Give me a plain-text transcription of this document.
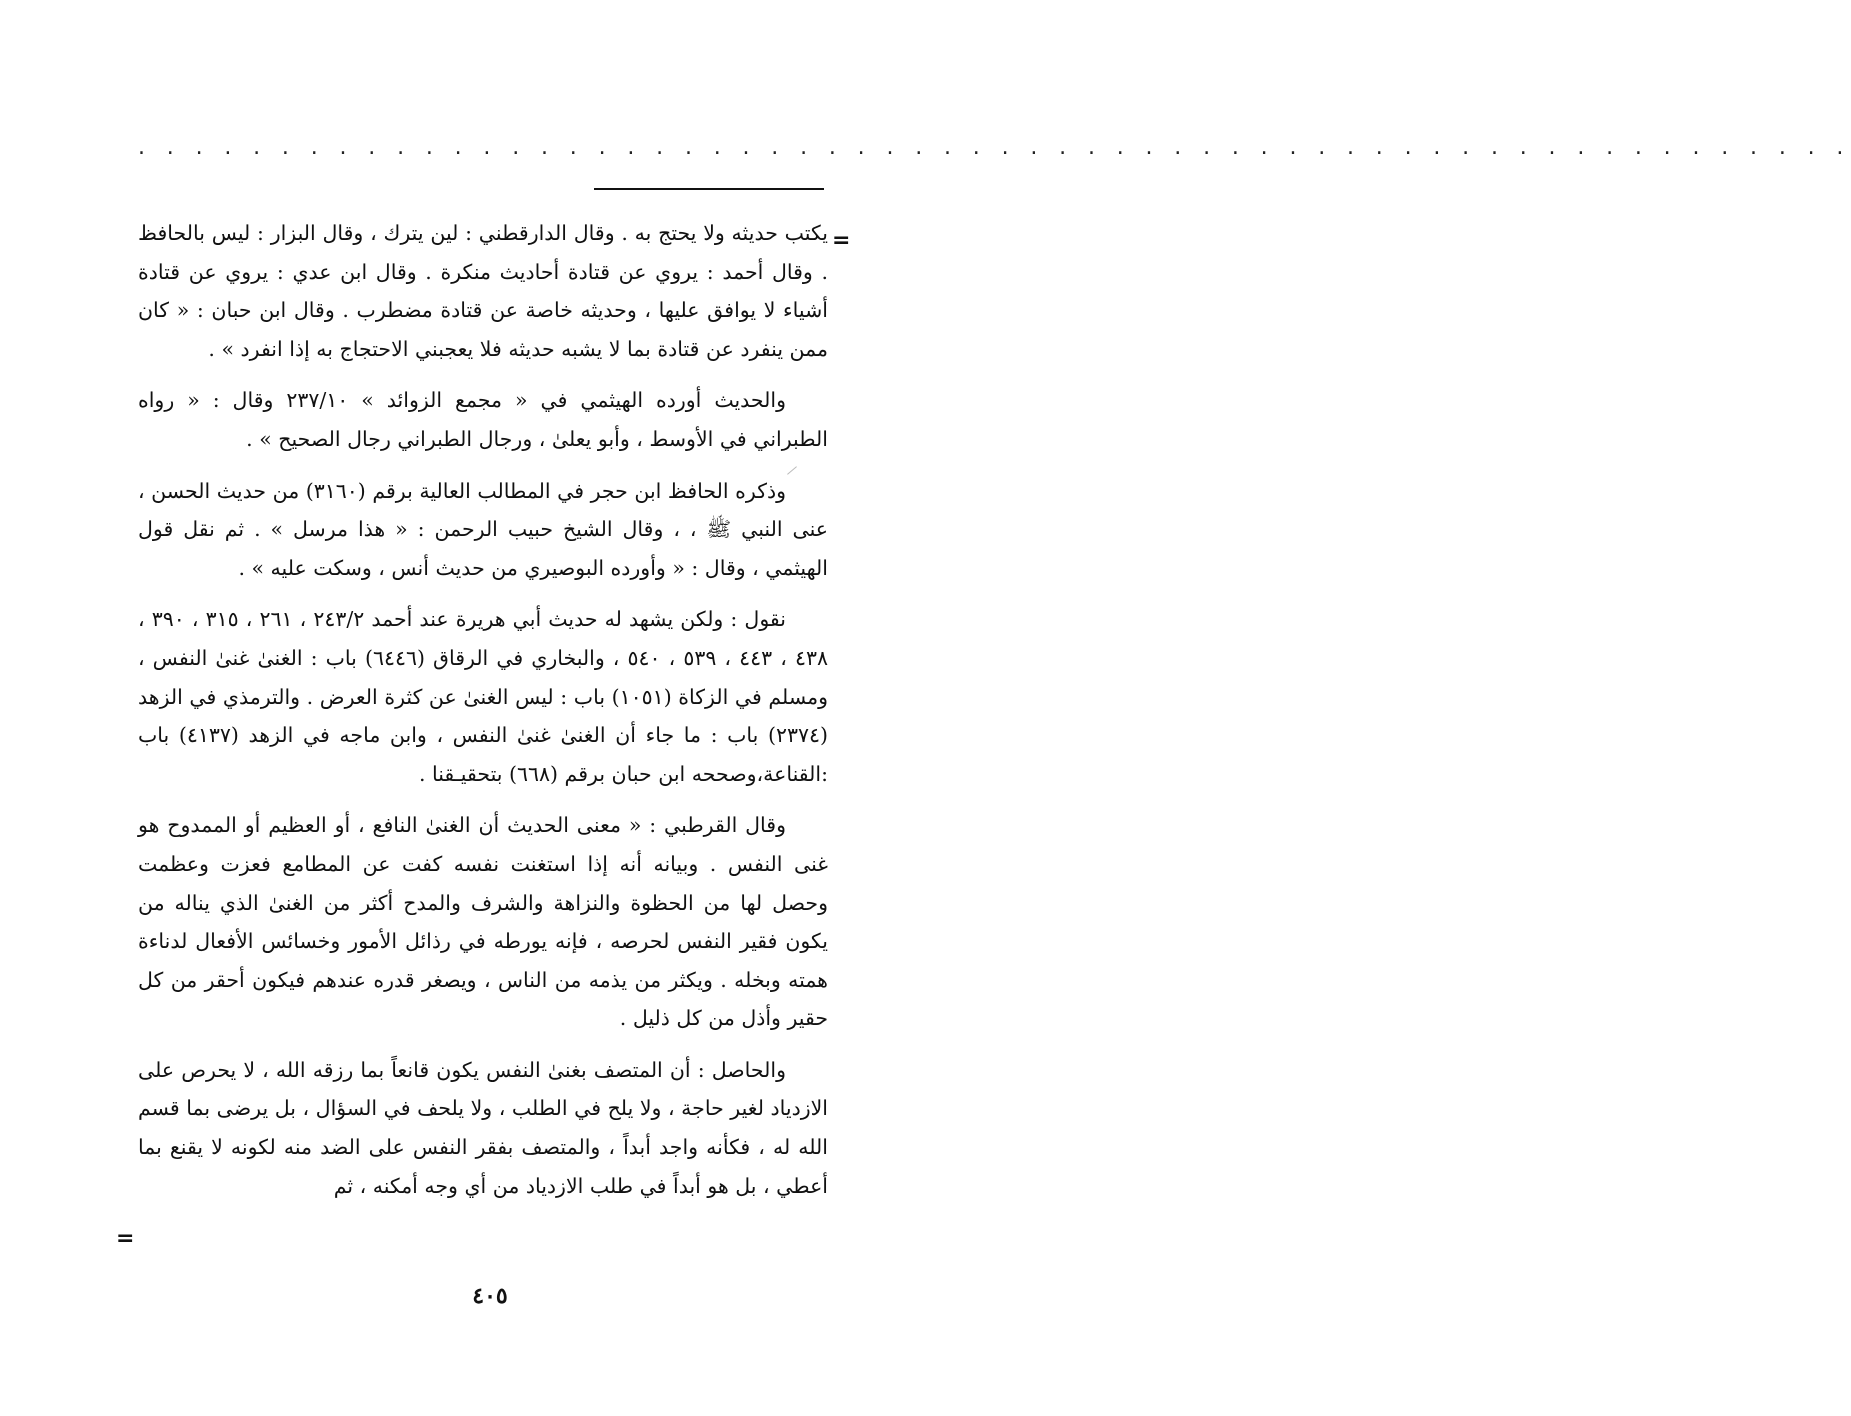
. . . . . . . . . . . . . . . . . . . . . . . . . . . . . . . . . . . . . . . . . . . . . . . . . . . . . . . . . . . .
=

يكتب حديثه ولا يحتج به . وقال الدارقطني : لين يترك ، وقال البزار : ليس بالحافظ . وقال أحمد : يروي عن قتادة أحاديث منكرة . وقال ابن عدي : يروي عن قتادة أشياء لا يوافق عليها ، وحديثه خاصة عن قتادة مضطرب . وقال ابن حبان : « كان ممن ينفرد عن قتادة بما لا يشبه حديثه فلا يعجبني الاحتجاج به إذا انفرد » .

والحديث أورده الهيثمي في « مجمع الزوائد » ٢٣٧/١٠ وقال : « رواه الطبراني في الأوسط ، وأبو يعلىٰ ، ورجال الطبراني رجال الصحيح » .

وذكره الحافظ ابن حجر في المطالب العالية برقم (٣١٦٠) من حديث الحسن ، عنى النبي ﷺ ، ، وقال الشيخ حبيب الرحمن : « هذا مرسل » . ثم نقل قول الهيثمي ، وقال : « وأورده البوصيري من حديث أنس ، وسكت عليه » .

نقول : ولكن يشهد له حديث أبي هريرة عند أحمد ٢٤٣/٢ ، ٢٦١ ، ٣١٥ ، ٣٩٠ ، ٤٣٨ ، ٤٤٣ ، ٥٣٩ ، ٥٤٠ ، والبخاري في الرقاق (٦٤٤٦) باب : الغنىٰ غنىٰ النفس ، ومسلم في الزكاة (١٠٥١) باب : ليس الغنىٰ عن كثرة العرض . والترمذي في الزهد (٢٣٧٤) باب : ما جاء أن الغنىٰ غنىٰ النفس ، وابن ماجه في الزهد (٤١٣٧) باب :القناعة،وصححه ابن حبان برقم (٦٦٨) بتحقيـقنا .

وقال القرطبي : « معنى الحديث أن الغنىٰ النافع ، أو العظيم أو الممدوح هو غنى النفس . وبيانه أنه إذا استغنت نفسه كفت عن المطامع فعزت وعظمت وحصل لها من الحظوة والنزاهة والشرف والمدح أكثر من الغنىٰ الذي يناله من يكون فقير النفس لحرصه ، فإنه يورطه في رذائل الأمور وخسائس الأفعال لدناءة همته وبخله . ويكثر من يذمه من الناس ، ويصغر قدره عندهم فيكون أحقر من كل حقير وأذل من كل ذليل .

والحاصل : أن المتصف بغنىٰ النفس يكون قانعاً بما رزقه الله ، لا يحرص على الازدياد لغير حاجة ، ولا يلح في الطلب ، ولا يلحف في السؤال ، بل يرضى بما قسم الله له ، فكأنه واجد أبداً ، والمتصف بفقر النفس على الضد منه لكونه لا يقنع بما أعطي ، بل هو أبداً في طلب الازدياد من أي وجه أمكنه ، ثم

=
٤٠٥
